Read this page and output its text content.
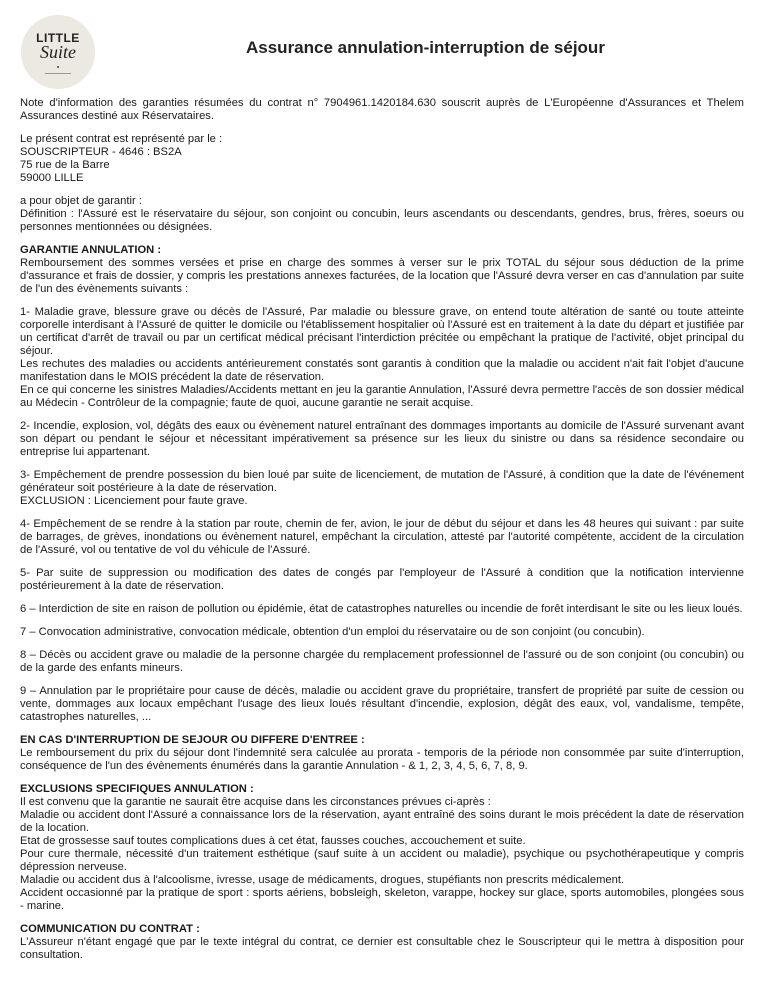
LITTLE
Suite	Assurance annulation-interruption de séjour

Note d'information des garanties résumées du contrat n° 7904961.1420184.630 souscrit auprès de L'Européenne d'Assurances et Thelem Assurances destiné aux Réservataires.

Le présent contrat est représenté par le :
SOUSCRIPTEUR - 4646 : BS2A
75 rue de la Barre
59000 LILLE

a pour objet de garantir :
Définition : l'Assuré est le réservataire du séjour, son conjoint ou concubin, leurs ascendants ou descendants, gendres, brus, frères, soeurs ou personnes mentionnées ou désignées.

GARANTIE ANNULATION :
Remboursement des sommes versées et prise en charge des sommes à verser sur le prix TOTAL du séjour sous déduction de la prime d'assurance et frais de dossier, y compris les prestations annexes facturées, de la location que l'Assuré devra verser en cas d'annulation par suite de l'un des évènements suivants :

1- Maladie grave, blessure grave ou décès de l'Assuré, Par maladie ou blessure grave, on entend toute altération de santé ou toute atteinte corporelle interdisant à l'Assuré de quitter le domicile ou l'établissement hospitalier où l'Assuré est en traitement à la date du départ et justifiée par un certificat d'arrêt de travail ou par un certificat médical précisant l'interdiction précitée ou empêchant la pratique de l'activité, objet principal du séjour.
Les rechutes des maladies ou accidents antérieurement constatés sont garantis à condition que la maladie ou accident n'ait fait l'objet d'aucune manifestation dans le MOIS précédent la date de réservation.
En ce qui concerne les sinistres Maladies/Accidents mettant en jeu la garantie Annulation, l'Assuré devra permettre l'accès de son dossier médical au Médecin - Contrôleur de la compagnie; faute de quoi, aucune garantie ne serait acquise.

2- Incendie, explosion, vol, dégâts des eaux ou évènement naturel entraînant des dommages importants au domicile de l'Assuré survenant avant son départ ou pendant le séjour et nécessitant impérativement sa présence sur les lieux du sinistre ou dans sa résidence secondaire ou entreprise lui appartenant.

3- Empêchement de prendre possession du bien loué par suite de licenciement, de mutation de l'Assuré, à condition que la date de l'événement générateur soit postérieure à la date de réservation.
EXCLUSION : Licenciement pour faute grave.

4- Empêchement de se rendre à la station par route, chemin de fer, avion, le jour de début du séjour et dans les 48 heures qui suivant : par suite de barrages, de grèves, inondations ou évènement naturel, empêchant la circulation, attesté par l'autorité compétente, accident de la circulation de l'Assuré, vol ou tentative de vol du véhicule de l'Assuré.

5- Par suite de suppression ou modification des dates de congés par l'employeur de l'Assuré à condition que la notification intervienne postérieurement à la date de réservation.

6 – Interdiction de site en raison de pollution ou épidémie, état de catastrophes naturelles ou incendie de forêt interdisant le site ou les lieux loués.

7 – Convocation administrative, convocation médicale, obtention d'un emploi du réservataire ou de son conjoint (ou concubin).

8 – Décès ou accident grave ou maladie de la personne chargée du remplacement professionnel de l'assuré ou de son conjoint (ou concubin) ou de la garde des enfants mineurs.

9 – Annulation par le propriétaire pour cause de décès, maladie ou accident grave du propriétaire, transfert de propriété par suite de cession ou vente, dommages aux locaux empêchant l'usage des lieux loués résultant d'incendie, explosion, dégât des eaux, vol, vandalisme, tempête, catastrophes naturelles, ...

EN CAS D'INTERRUPTION DE SEJOUR OU DIFFERE D'ENTREE :
Le remboursement du prix du séjour dont l'indemnité sera calculée au prorata - temporis de la période non consommée par suite d'interruption, conséquence de l'un des évènements énumérés dans la garantie Annulation - & 1, 2, 3, 4, 5, 6, 7, 8, 9.

EXCLUSIONS SPECIFIQUES ANNULATION :
Il est convenu que la garantie ne saurait être acquise dans les circonstances prévues ci-après :
Maladie ou accident dont l'Assuré a connaissance lors de la réservation, ayant entraîné des soins durant le mois précédent la date de réservation de la location.
Etat de grossesse sauf toutes complications dues à cet état, fausses couches, accouchement et suite.
Pour cure thermale, nécessité d'un traitement esthétique (sauf suite à un accident ou maladie), psychique ou psychothérapeutique y compris dépression nerveuse.
Maladie ou accident dus à l'alcoolisme, ivresse, usage de médicaments, drogues, stupéfiants non prescrits médicalement.
Accident occasionné par la pratique de sport : sports aériens, bobsleigh, skeleton, varappe, hockey sur glace, sports automobiles, plongées sous - marine.

COMMUNICATION DU CONTRAT :
L'Assureur n'étant engagé que par le texte intégral du contrat, ce dernier est consultable chez le Souscripteur qui le mettra à disposition pour consultation.
